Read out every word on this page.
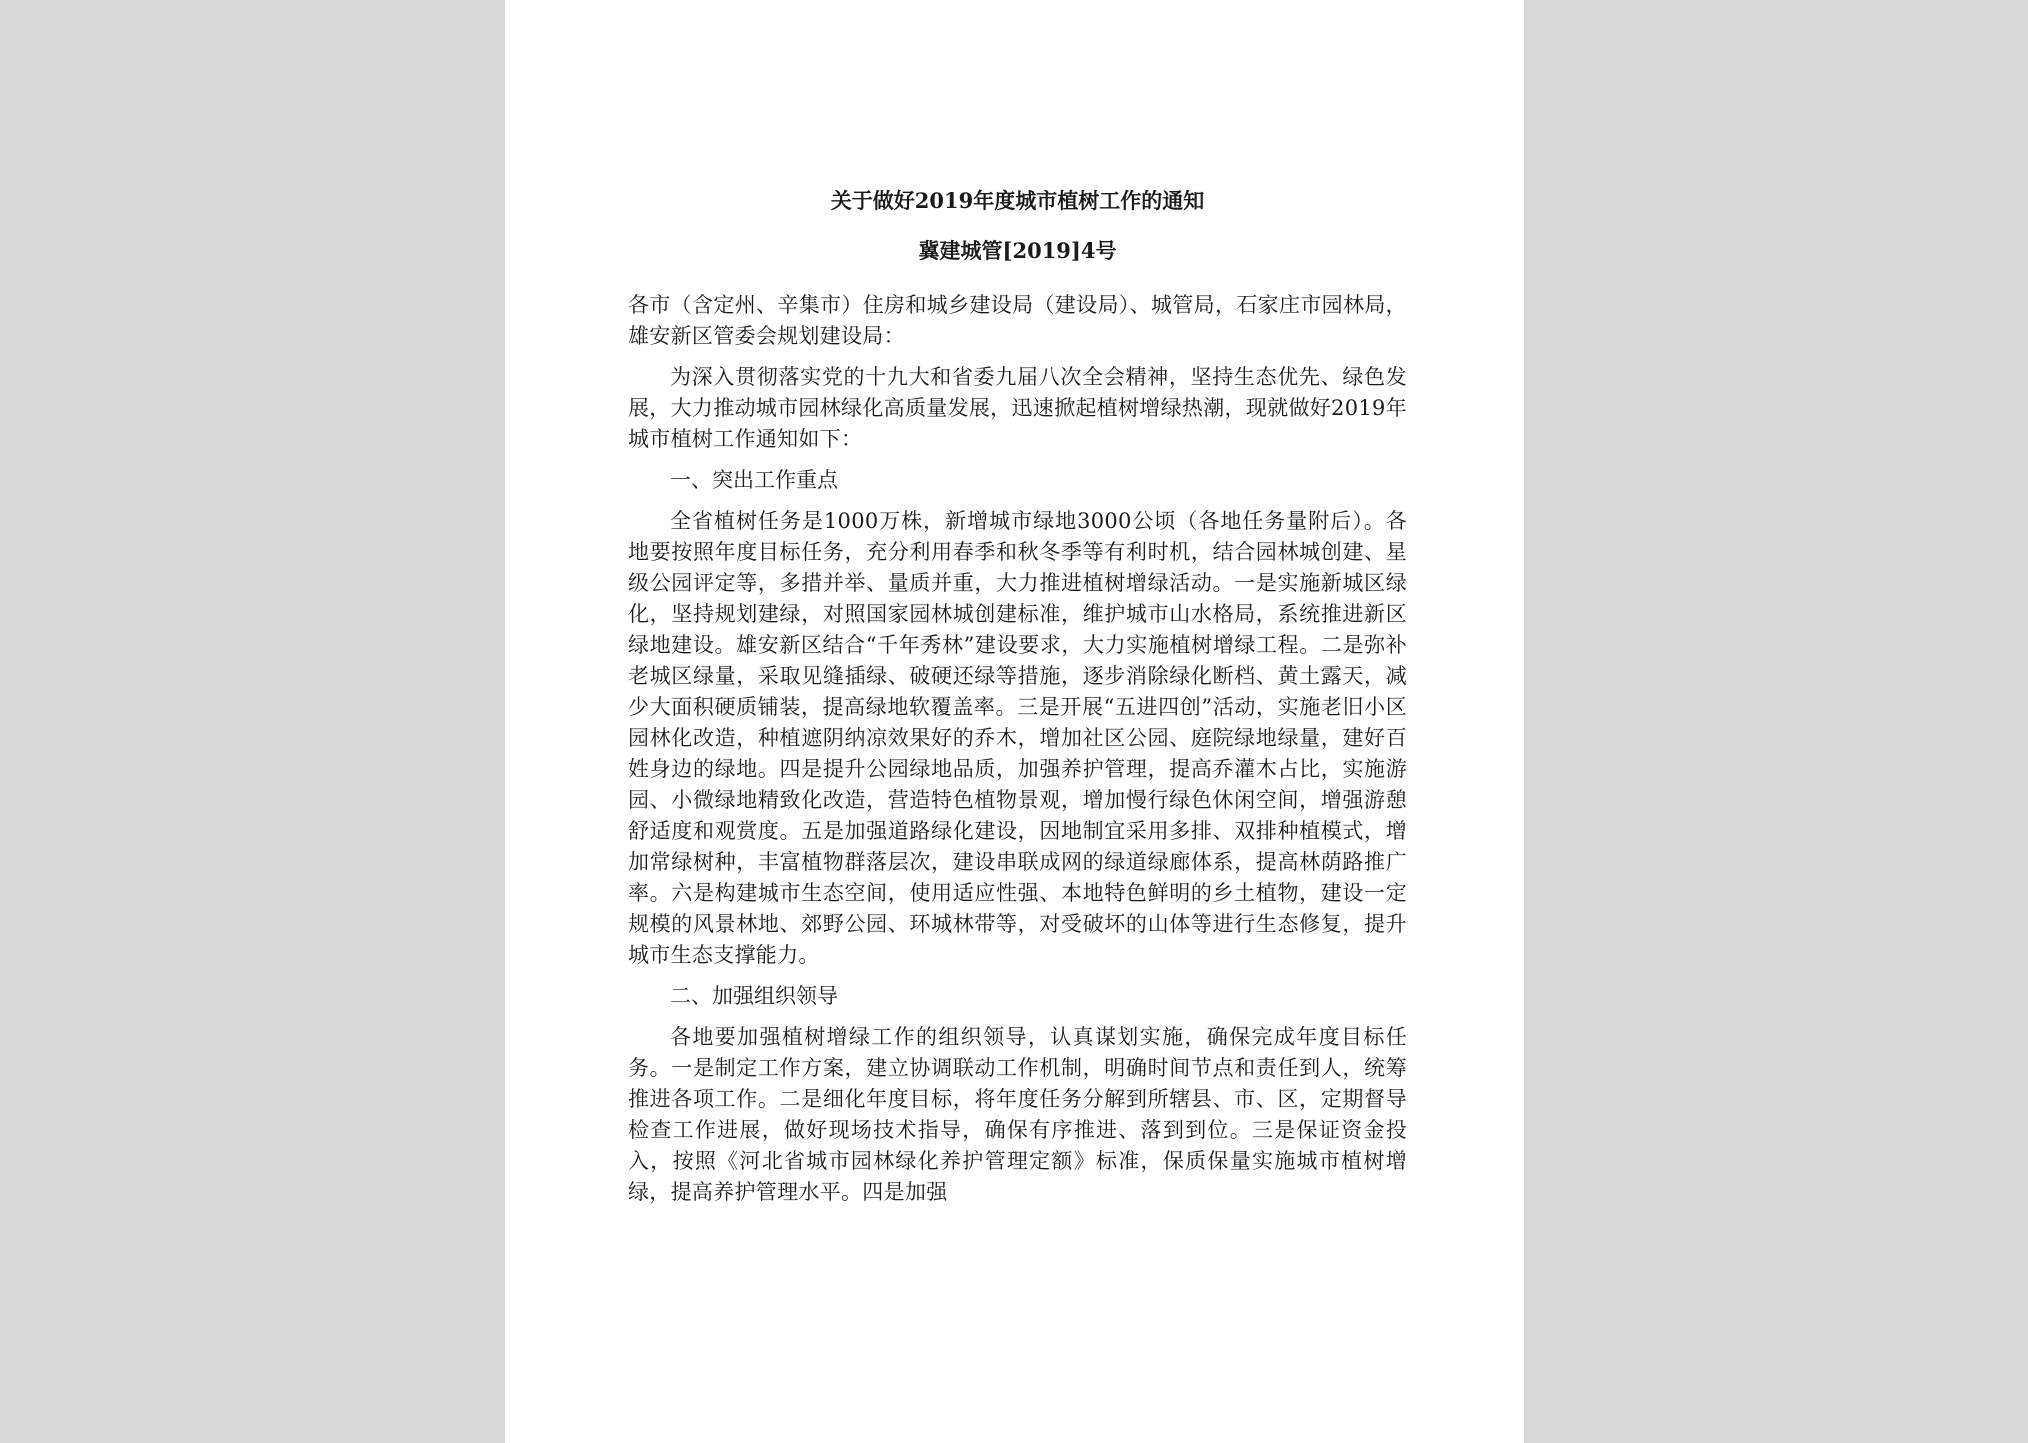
关于做好2019年度城市植树工作的通知

冀建城管[2019]4号

各市（含定州、辛集市）住房和城乡建设局（建设局）、城管局，石家庄市园林局，雄安新区管委会规划建设局：

为深入贯彻落实党的十九大和省委九届八次全会精神，坚持生态优先、绿色发展，大力推动城市园林绿化高质量发展，迅速掀起植树增绿热潮，现就做好2019年城市植树工作通知如下：

一、突出工作重点

全省植树任务是1000万株，新增城市绿地3000公顷（各地任务量附后）。各地要按照年度目标任务，充分利用春季和秋冬季等有利时机，结合园林城创建、星级公园评定等，多措并举、量质并重，大力推进植树增绿活动。一是实施新城区绿化，坚持规划建绿，对照国家园林城创建标准，维护城市山水格局，系统推进新区绿地建设。雄安新区结合“千年秀林”建设要求，大力实施植树增绿工程。二是弥补老城区绿量，采取见缝插绿、破硬还绿等措施，逐步消除绿化断档、黄土露天，减少大面积硬质铺装，提高绿地软覆盖率。三是开展“五进四创”活动，实施老旧小区园林化改造，种植遮阴纳凉效果好的乔木，增加社区公园、庭院绿地绿量，建好百姓身边的绿地。四是提升公园绿地品质，加强养护管理，提高乔灌木占比，实施游园、小微绿地精致化改造，营造特色植物景观，增加慢行绿色休闲空间，增强游憩舒适度和观赏度。五是加强道路绿化建设，因地制宜采用多排、双排种植模式，增加常绿树种，丰富植物群落层次，建设串联成网的绿道绿廊体系，提高林荫路推广率。六是构建城市生态空间，使用适应性强、本地特色鲜明的乡土植物，建设一定规模的风景林地、郊野公园、环城林带等，对受破坏的山体等进行生态修复，提升城市生态支撑能力。

二、加强组织领导

各地要加强植树增绿工作的组织领导，认真谋划实施，确保完成年度目标任务。一是制定工作方案，建立协调联动工作机制，明确时间节点和责任到人，统筹推进各项工作。二是细化年度目标，将年度任务分解到所辖县、市、区，定期督导检查工作进展，做好现场技术指导，确保有序推进、落到到位。三是保证资金投入，按照《河北省城市园林绿化养护管理定额》标准，保质保量实施城市植树增绿，提高养护管理水平。四是加强
